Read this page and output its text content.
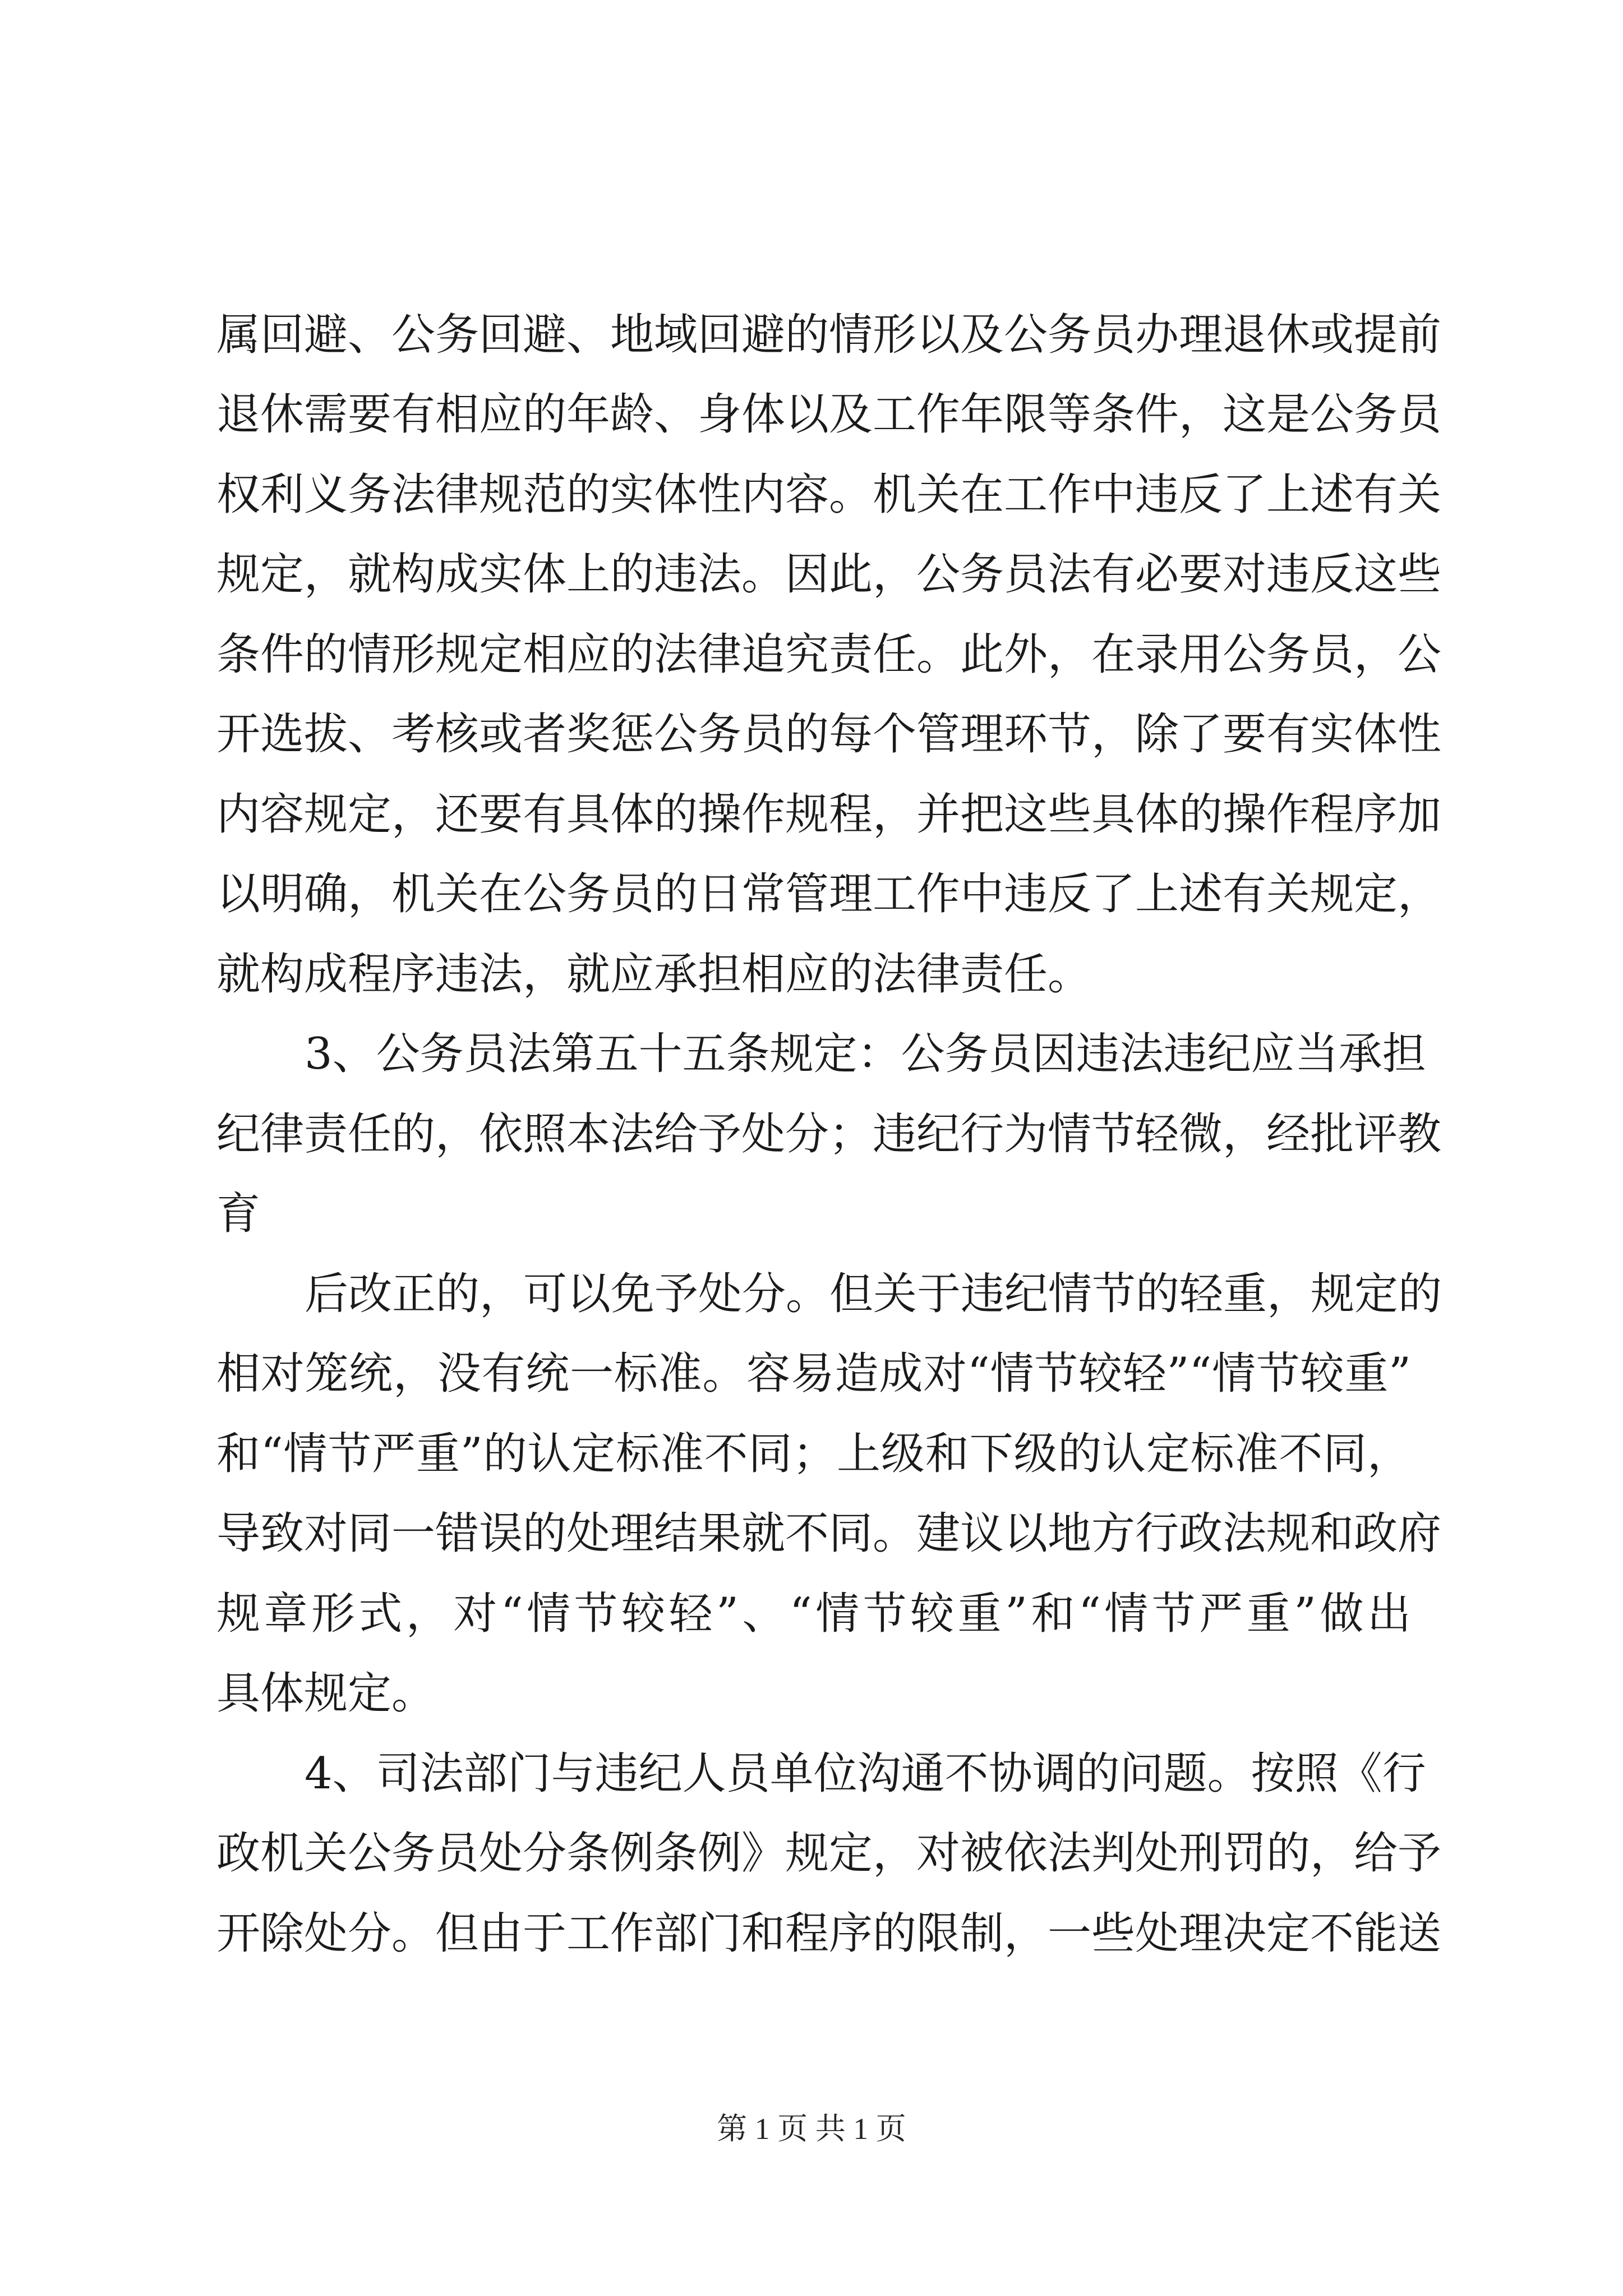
属回避、公务回避、地域回避的情形以及公务员办理退休或提前
退休需要有相应的年龄、身体以及工作年限等条件，这是公务员
权利义务法律规范的实体性内容。机关在工作中违反了上述有关
规定，就构成实体上的违法。因此，公务员法有必要对违反这些
条件的情形规定相应的法律追究责任。此外，在录用公务员，公
开选拔、考核或者奖惩公务员的每个管理环节，除了要有实体性
内容规定，还要有具体的操作规程，并把这些具体的操作程序加
以明确，机关在公务员的日常管理工作中违反了上述有关规定，
就构成程序违法，就应承担相应的法律责任。
3、公务员法第五十五条规定：公务员因违法违纪应当承担
纪律责任的，依照本法给予处分；违纪行为情节轻微，经批评教
育
后改正的，可以免予处分。但关于违纪情节的轻重，规定的
相对笼统，没有统一标准。容易造成对“情节较轻”“情节较重”
和“情节严重”的认定标准不同；上级和下级的认定标准不同，
导致对同一错误的处理结果就不同。建议以地方行政法规和政府
规章形式，对“情节较轻”、“情节较重”和“情节严重”做出
具体规定。
4、司法部门与违纪人员单位沟通不协调的问题。按照《行
政机关公务员处分条例条例》规定，对被依法判处刑罚的，给予
开除处分。但由于工作部门和程序的限制，一些处理决定不能送
第 1 页 共 1 页
